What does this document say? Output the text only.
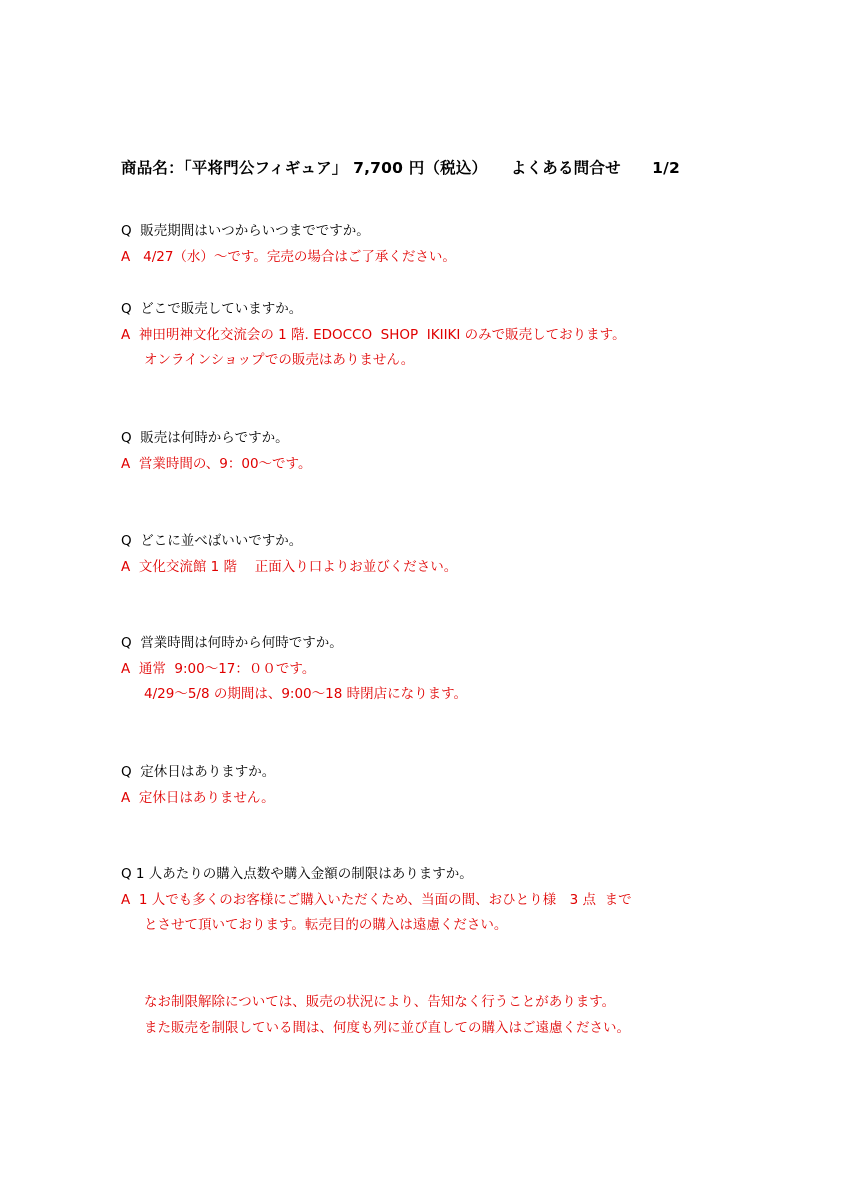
商品名：「平将門公フィギュア」 7,700 円（税込）　　よくある問合せ　　1/2
Q  販売期間はいつからいつまでですか。
A   4/27（水）～です。完売の場合はご了承ください。
Q  どこで販売していますか。
A  神田明神文化交流会の 1 階. EDOCCO  SHOP  IKIIKI のみで販売しております。
オンラインショップでの販売はありません。
Q  販売は何時からですか。
A  営業時間の、9：00～です。
Q  どこに並べばいいですか。
A  文化交流館 1 階　 正面入り口よりお並びください。
Q  営業時間は何時から何時ですか。
A  通常  9:00～17：００です。
4/29～5/8 の期間は、9:00～18 時閉店になります。
Q  定休日はありますか。
A  定休日はありません。
Q 1 人あたりの購入点数や購入金額の制限はありますか。
A  1 人でも多くのお客様にご購入いただくため、当面の間、おひとり様　3 点  まで
とさせて頂いております。転売目的の購入は遠慮ください。
なお制限解除については、販売の状況により、告知なく行うことがあります。
また販売を制限している間は、何度も列に並び直しての購入はご遠慮ください。
